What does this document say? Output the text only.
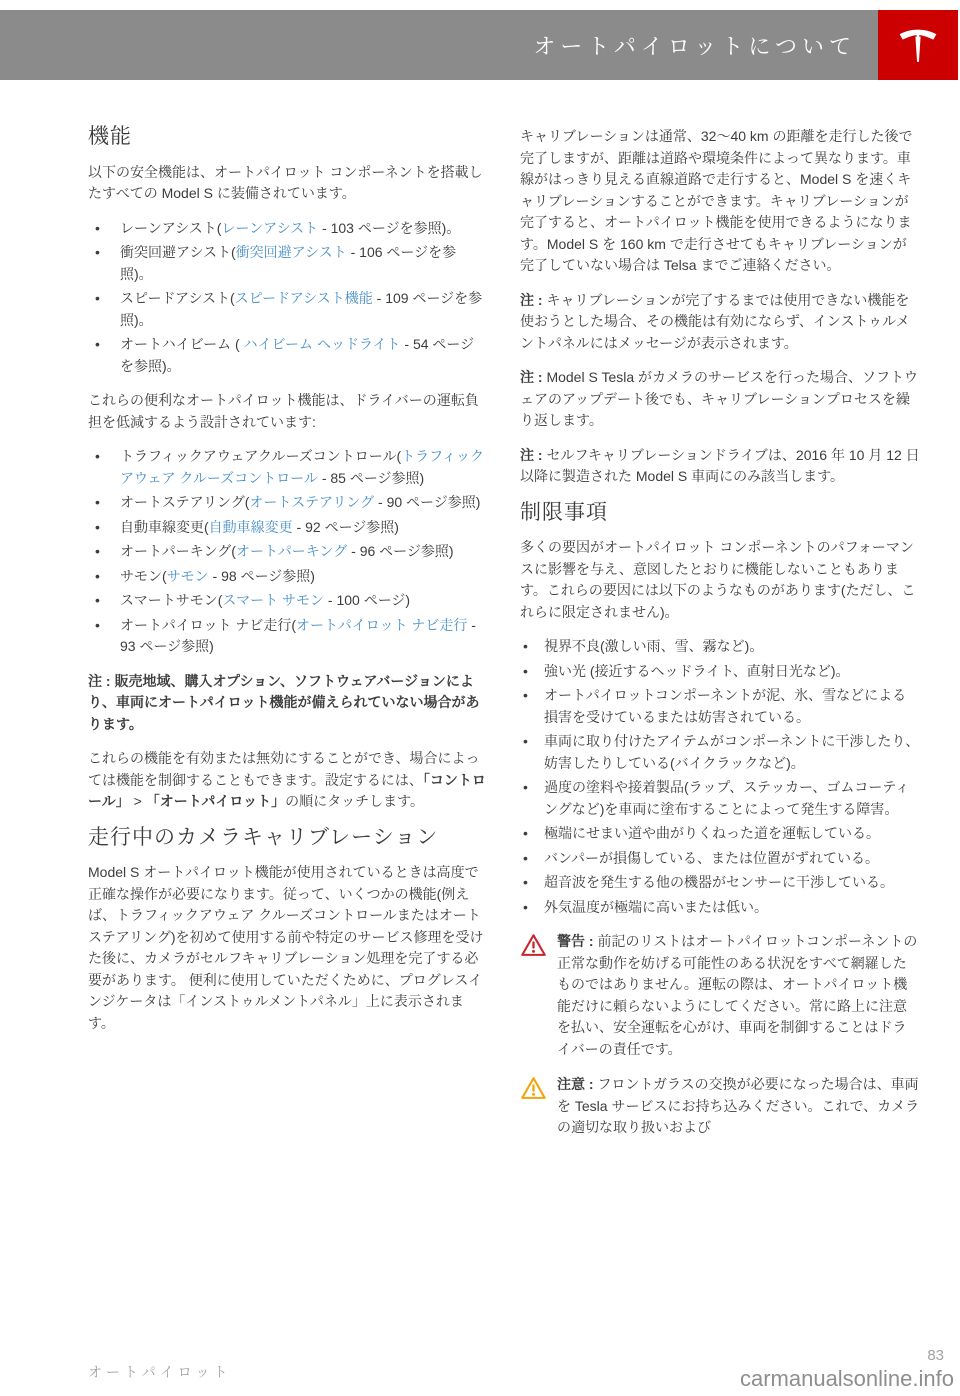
オートパイロットについて
機能

以下の安全機能は、オートパイロット コンポーネントを搭載したすべての Model S に装備されています。

• レーンアシスト(レーンアシスト - 103 ページを参照)。
• 衝突回避アシスト(衝突回避アシスト - 106 ページを参照)。
• スピードアシスト(スピードアシスト機能 - 109 ページを参照)。
• オートハイビーム ( ハイビーム ヘッドライト - 54 ページを参照)。

これらの便利なオートパイロット機能は、ドライバーの運転負担を低減するよう設計されています:

• トラフィックアウェアクルーズコントロール(トラフィックアウェア クルーズコントロール - 85 ページ参照)
• オートステアリング(オートステアリング - 90 ページ参照)
• 自動車線変更(自動車線変更 - 92 ページ参照)
• オートパーキング(オートパーキング - 96 ページ参照)
• サモン(サモン - 98 ページ参照)
• スマートサモン(スマート サモン - 100 ページ)
• オートパイロット ナビ走行(オートパイロット ナビ走行 - 93 ページ参照)

注 : 販売地域、購入オプション、ソフトウェアバージョンにより、車両にオートパイロット機能が備えられていない場合があります。

これらの機能を有効または無効にすることができ、場合によっては機能を制御することもできます。設定するには、「コントロール」 > 「オートパイロット」の順にタッチします。

走行中のカメラキャリブレーション

Model S オートパイロット機能が使用されているときは高度で正確な操作が必要になります。従って、いくつかの機能(例えば、トラフィックアウェア クルーズコントロールまたはオートステアリング)を初めて使用する前や特定のサービス修理を受けた後に、カメラがセルフキャリブレーション処理を完了する必要があります。 便利に使用していただくために、プログレスインジケータは「インストゥルメントパネル」上に表示されます。

キャリブレーションは通常、32〜40 km の距離を走行した後で完了しますが、距離は道路や環境条件によって異なります。車線がはっきり見える直線道路で走行すると、Model S を速くキャリブレーションすることができます。キャリブレーションが完了すると、オートパイロット機能を使用できるようになります。Model S を 160 km で走行させてもキャリブレーションが完了していない場合は Telsa までご連絡ください。

注 : キャリブレーションが完了するまでは使用できない機能を使おうとした場合、その機能は有効にならず、インストゥルメントパネルにはメッセージが表示されます。

注 : Model S Tesla がカメラのサービスを行った場合、ソフトウェアのアップデート後でも、キャリブレーションプロセスを繰り返します。

注 : セルフキャリブレーションドライブは、2016 年 10 月 12 日以降に製造された Model S 車両にのみ該当します。

制限事項

多くの要因がオートパイロット コンポーネントのパフォーマンスに影響を与え、意図したとおりに機能しないこともあります。これらの要因には以下のようなものがあります(ただし、これらに限定されません)。

• 視界不良(激しい雨、雪、霧など)。
• 強い光 (接近するヘッドライト、直射日光など)。
• オートパイロットコンポーネントが泥、氷、雪などによる損害を受けているまたは妨害されている。
• 車両に取り付けたアイテムがコンポーネントに干渉したり、妨害したりしている(バイクラックなど)。
• 過度の塗料や接着製品(ラップ、ステッカー、ゴムコーティングなど)を車両に塗布することによって発生する障害。
• 極端にせまい道や曲がりくねった道を運転している。
• バンパーが損傷している、または位置がずれている。
• 超音波を発生する他の機器がセンサーに干渉している。
• 外気温度が極端に高いまたは低い。

警告 : 前記のリストはオートパイロットコンポーネントの正常な動作を妨げる可能性のある状況をすべて網羅したものではありません。運転の際は、オートパイロット機能だけに頼らないようにしてください。常に路上に注意を払い、安全運転を心がけ、車両を制御することはドライバーの責任です。

注意 : フロントガラスの交換が必要になった場合は、車両を Tesla サービスにお持ち込みください。これで、カメラの適切な取り扱いおよび

オートパイロット
83
carmanualsonline.info
